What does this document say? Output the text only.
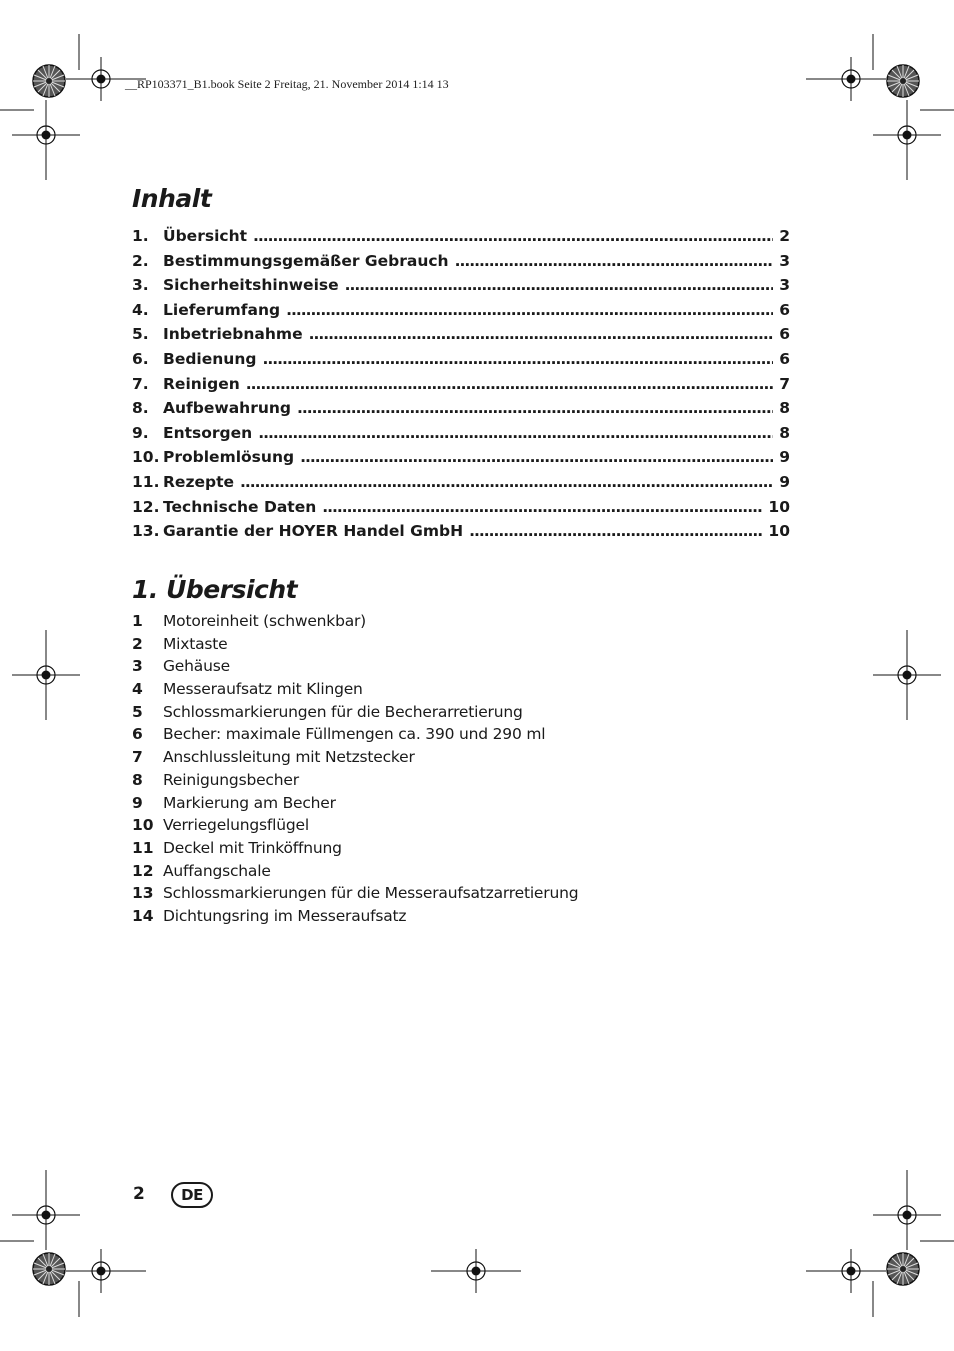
__RP103371_B1.book Seite 2 Freitag, 21. November 2014 1:14 13
Inhalt
1. Übersicht . . .	2
2. Bestimmungsgemäßer Gebrauch . . .	3
3. Sicherheitshinweise . . .	3
4. Lieferumfang . . .	6
5. Inbetriebnahme . . .	6
6. Bedienung . . .	6
7. Reinigen . . .	7
8. Aufbewahrung . . .	8
9. Entsorgen . . .	8
10. Problemlösung . . .	9
11. Rezepte . . .	9
12. Technische Daten . . .	10
13. Garantie der HOYER Handel GmbH . . .	10
1. Übersicht
1	Motoreinheit (schwenkbar)
2	Mixtaste
3	Gehäuse
4	Messeraufsatz mit Klingen
5	Schlossmarkierungen für die Becherarretierung
6	Becher: maximale Füllmengen ca. 390 und 290 ml
7	Anschlussleitung mit Netzstecker
8	Reinigungsbecher
9	Markierung am Becher
10 Verriegelungsflügel
11 Deckel mit Trinköffnung
12 Auffangschale
13 Schlossmarkierungen für die Messeraufsatzarretierung
14 Dichtungsring im Messeraufsatz
2	DE
